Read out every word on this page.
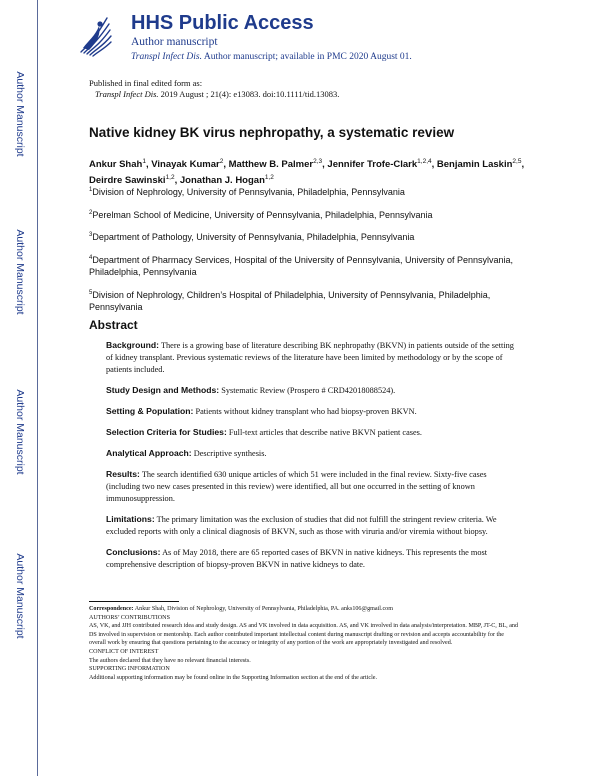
Author Manuscript
Author Manuscript
Author Manuscript
Author Manuscript
HHS Public Access
Author manuscript
Transpl Infect Dis. Author manuscript; available in PMC 2020 August 01.
Published in final edited form as:
Transpl Infect Dis. 2019 August ; 21(4): e13083. doi:10.1111/tid.13083.
Native kidney BK virus nephropathy, a systematic review
Ankur Shah$^1$, Vinayak Kumar$^2$, Matthew B. Palmer$^{2,3}$, Jennifer Trofe-Clark$^{1,2,4}$, Benjamin Laskin$^{2,5}$, Deirdre Sawinski$^{1,2}$, Jonathan J. Hogan$^{1,2}$
$^1$Division of Nephrology, University of Pennsylvania, Philadelphia, Pennsylvania
$^2$Perelman School of Medicine, University of Pennsylvania, Philadelphia, Pennsylvania
$^3$Department of Pathology, University of Pennsylvania, Philadelphia, Pennsylvania
$^4$Department of Pharmacy Services, Hospital of the University of Pennsylvania, University of Pennsylvania, Philadelphia, Pennsylvania
$^5$Division of Nephrology, Children’s Hospital of Philadelphia, University of Pennsylvania, Philadelphia, Pennsylvania
Abstract
Background: There is a growing base of literature describing BK nephropathy (BKVN) in patients outside of the setting of kidney transplant. Previous systematic reviews of the literature have been limited by methodology or by the scope of patients included.
Study Design and Methods: Systematic Review (Prospero # CRD42018088524).
Setting & Population: Patients without kidney transplant who had biopsy-proven BKVN.
Selection Criteria for Studies: Full-text articles that describe native BKVN patient cases.
Analytical Approach: Descriptive synthesis.
Results: The search identified 630 unique articles of which 51 were included in the final review. Sixty-five cases (including two new cases presented in this review) were identified, all but one occurred in the setting of known immunosuppression.
Limitations: The primary limitation was the exclusion of studies that did not fulfill the stringent review criteria. We excluded reports with only a clinical diagnosis of BKVN, such as those with viruria and/or viremia without biopsy.
Conclusions: As of May 2018, there are 65 reported cases of BKVN in native kidneys. This represents the most comprehensive description of biopsy-proven BKVN in native kidneys to date.
Correspondence: Ankur Shah, Division of Nephrology, University of Pennsylvania, Philadelphia, PA. anks106@gmail.com
AUTHORS’ CONTRIBUTIONS
AS, VK, and JJH contributed research idea and study design. AS and VK involved in data acquisition. AS, and VK involved in data analysis/interpretation. MBP, JT-C, BL, and DS involved in supervision or mentorship. Each author contributed important intellectual content during manuscript drafting or revision and accepts accountability for the overall work by ensuring that questions pertaining to the accuracy or integrity of any portion of the work are appropriately investigated and resolved.
CONFLICT OF INTEREST
The authors declared that they have no relevant financial interests.
SUPPORTING INFORMATION
Additional supporting information may be found online in the Supporting Information section at the end of the article.
